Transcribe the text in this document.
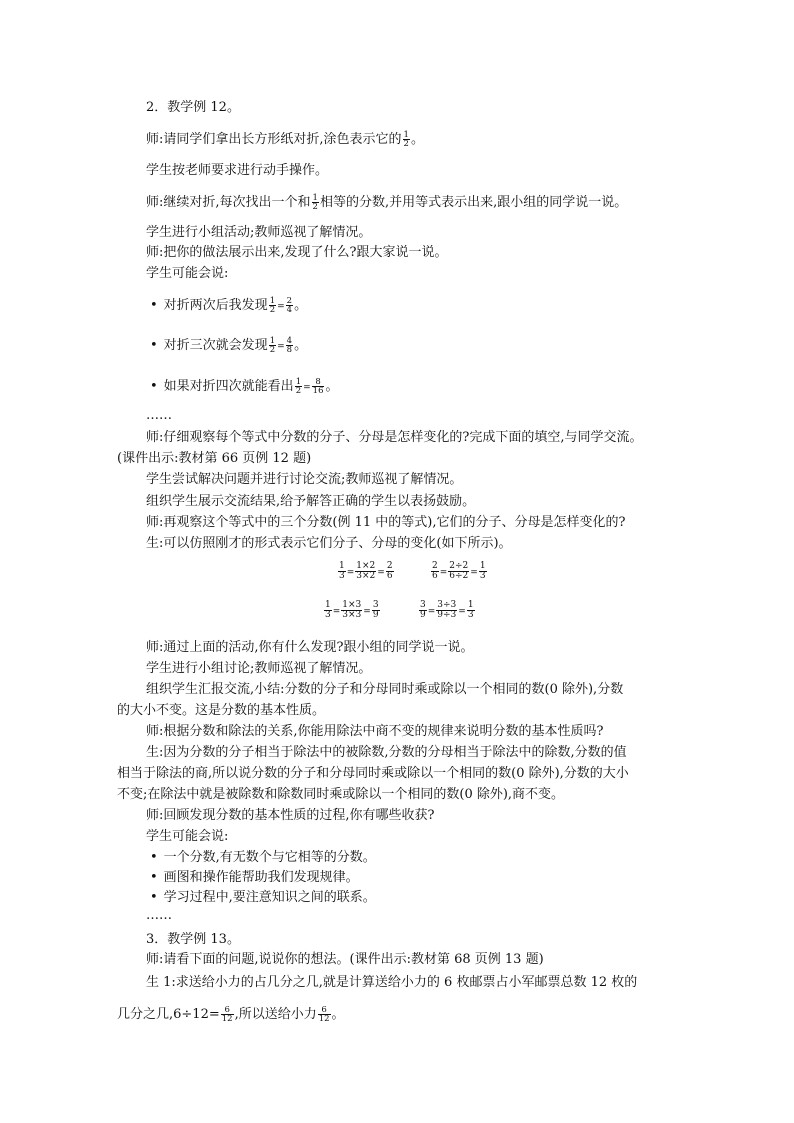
2．教学例 12。
师:请同学们拿出长方形纸对折,涂色表示它的 $\frac{1}{2}$ 。
学生按老师要求进行动手操作。
师:继续对折,每次找出一个和 $\frac{1}{2}$ 相等的分数,并用等式表示出来,跟小组的同学说一说。
学生进行小组活动;教师巡视了解情况。
师:把你的做法展示出来,发现了什么?跟大家说一说。
学生可能会说:
• 对折两次后我发现 $\frac{1}{2} = \frac{2}{4}$ 。
• 对折三次就会发现 $\frac{1}{2} = \frac{4}{8}$ 。
• 如果对折四次就能看出 $\frac{1}{2} = \frac{8}{16}$ 。
……
师:仔细观察每个等式中分数的分子、分母是怎样变化的?完成下面的填空,与同学交流。
(课件出示:教材第 66 页例 12 题)
学生尝试解决问题并进行讨论交流;教师巡视了解情况。
组织学生展示交流结果,给予解答正确的学生以表扬鼓励。
师:再观察这个等式中的三个分数(例 11 中的等式),它们的分子、分母是怎样变化的?
生:可以仿照刚才的形式表示它们分子、分母的变化(如下所示)。
$\frac{1}{3} = \frac{1\times 2}{3\times 2} = \frac{2}{6}$	$\frac{2}{6} = \frac{2\div 2}{6\div 2} = \frac{1}{3}$
$\frac{1}{3} = \frac{1\times 3}{3\times 3} = \frac{3}{9}$	$\frac{3}{9} = \frac{3\div 3}{9\div 3} = \frac{1}{3}$
师:通过上面的活动,你有什么发现?跟小组的同学说一说。
学生进行小组讨论;教师巡视了解情况。
组织学生汇报交流,小结:分数的分子和分母同时乘或除以一个相同的数(0 除外),分数
的大小不变。这是分数的基本性质。
师:根据分数和除法的关系,你能用除法中商不变的规律来说明分数的基本性质吗?
生:因为分数的分子相当于除法中的被除数,分数的分母相当于除法中的除数,分数的值
相当于除法的商,所以说分数的分子和分母同时乘或除以一个相同的数(0 除外),分数的大小
不变;在除法中就是被除数和除数同时乘或除以一个相同的数(0 除外),商不变。
师:回顾发现分数的基本性质的过程,你有哪些收获?
学生可能会说:
• 一个分数,有无数个与它相等的分数。
• 画图和操作能帮助我们发现规律。
• 学习过程中,要注意知识之间的联系。
……
3．教学例 13。
师:请看下面的问题,说说你的想法。(课件出示:教材第 68 页例 13 题)
生 1:求送给小力的占几分之几,就是计算送给小力的 6 枚邮票占小军邮票总数 12 枚的
几分之几$,6\div 12= \frac{6}{12}$ ,所以送给小力 $\frac{6}{12}$ 。
